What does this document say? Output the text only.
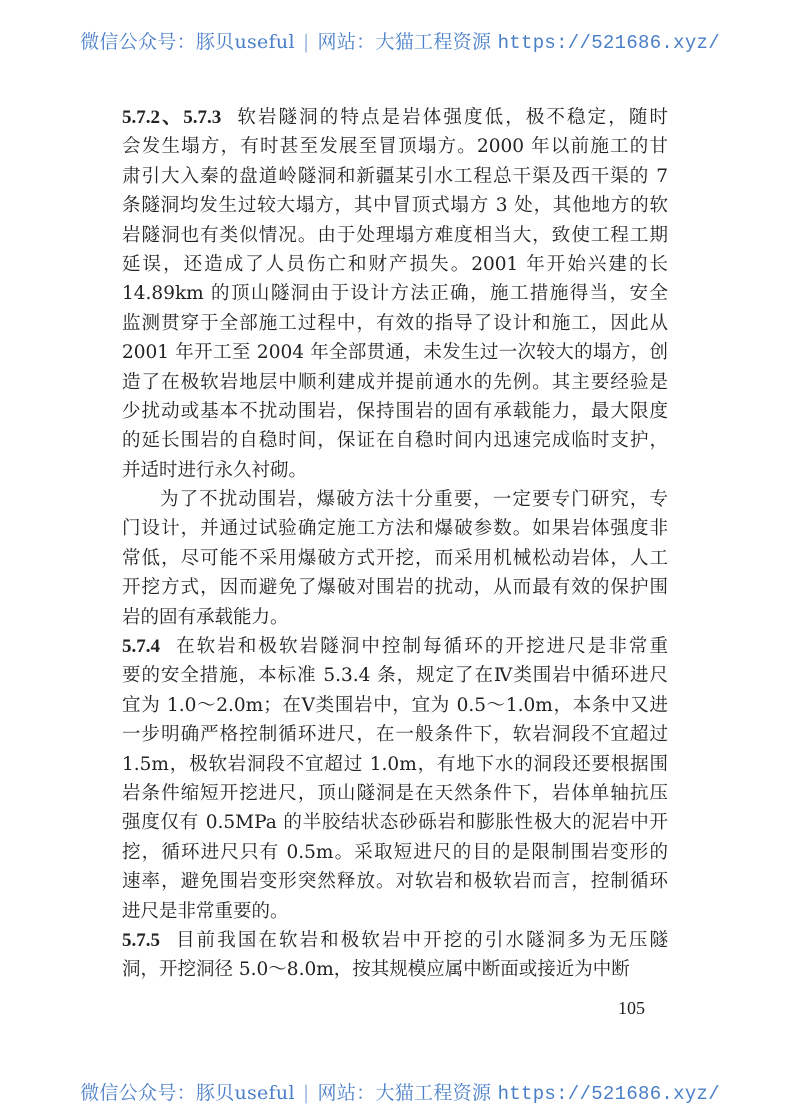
微信公众号：豚贝useful | 网站：大猫工程资源 https://521686.xyz/
5.7.2、5.7.3 软岩隧洞的特点是岩体强度低，极不稳定，随时
会发生塌方，有时甚至发展至冒顶塌方。2000 年以前施工的甘
肃引大入秦的盘道岭隧洞和新疆某引水工程总干渠及西干渠的 7
条隧洞均发生过较大塌方，其中冒顶式塌方 3 处，其他地方的软
岩隧洞也有类似情况。由于处理塌方难度相当大，致使工程工期
延误，还造成了人员伤亡和财产损失。2001 年开始兴建的长
14.89km 的顶山隧洞由于设计方法正确，施工措施得当，安全
监测贯穿于全部施工过程中，有效的指导了设计和施工，因此从
2001 年开工至 2004 年全部贯通，未发生过一次较大的塌方，创
造了在极软岩地层中顺利建成并提前通水的先例。其主要经验是
少扰动或基本不扰动围岩，保持围岩的固有承载能力，最大限度
的延长围岩的自稳时间，保证在自稳时间内迅速完成临时支护，
并适时进行永久衬砌。
为了不扰动围岩，爆破方法十分重要，一定要专门研究，专
门设计，并通过试验确定施工方法和爆破参数。如果岩体强度非
常低，尽可能不采用爆破方式开挖，而采用机械松动岩体，人工
开挖方式，因而避免了爆破对围岩的扰动，从而最有效的保护围
岩的固有承载能力。
5.7.4 在软岩和极软岩隧洞中控制每循环的开挖进尺是非常重
要的安全措施，本标准 5.3.4 条，规定了在Ⅳ类围岩中循环进尺
宜为 1.0～2.0m；在Ⅴ类围岩中，宜为 0.5～1.0m，本条中又进
一步明确严格控制循环进尺，在一般条件下，软岩洞段不宜超过
1.5m，极软岩洞段不宜超过 1.0m，有地下水的洞段还要根据围
岩条件缩短开挖进尺，顶山隧洞是在天然条件下，岩体单轴抗压
强度仅有 0.5MPa 的半胶结状态砂砾岩和膨胀性极大的泥岩中开
挖，循环进尺只有 0.5m。采取短进尺的目的是限制围岩变形的
速率，避免围岩变形突然释放。对软岩和极软岩而言，控制循环
进尺是非常重要的。
5.7.5 目前我国在软岩和极软岩中开挖的引水隧洞多为无压隧
洞，开挖洞径 5.0～8.0m，按其规模应属中断面或接近为中断
105
微信公众号：豚贝useful | 网站：大猫工程资源 https://521686.xyz/
